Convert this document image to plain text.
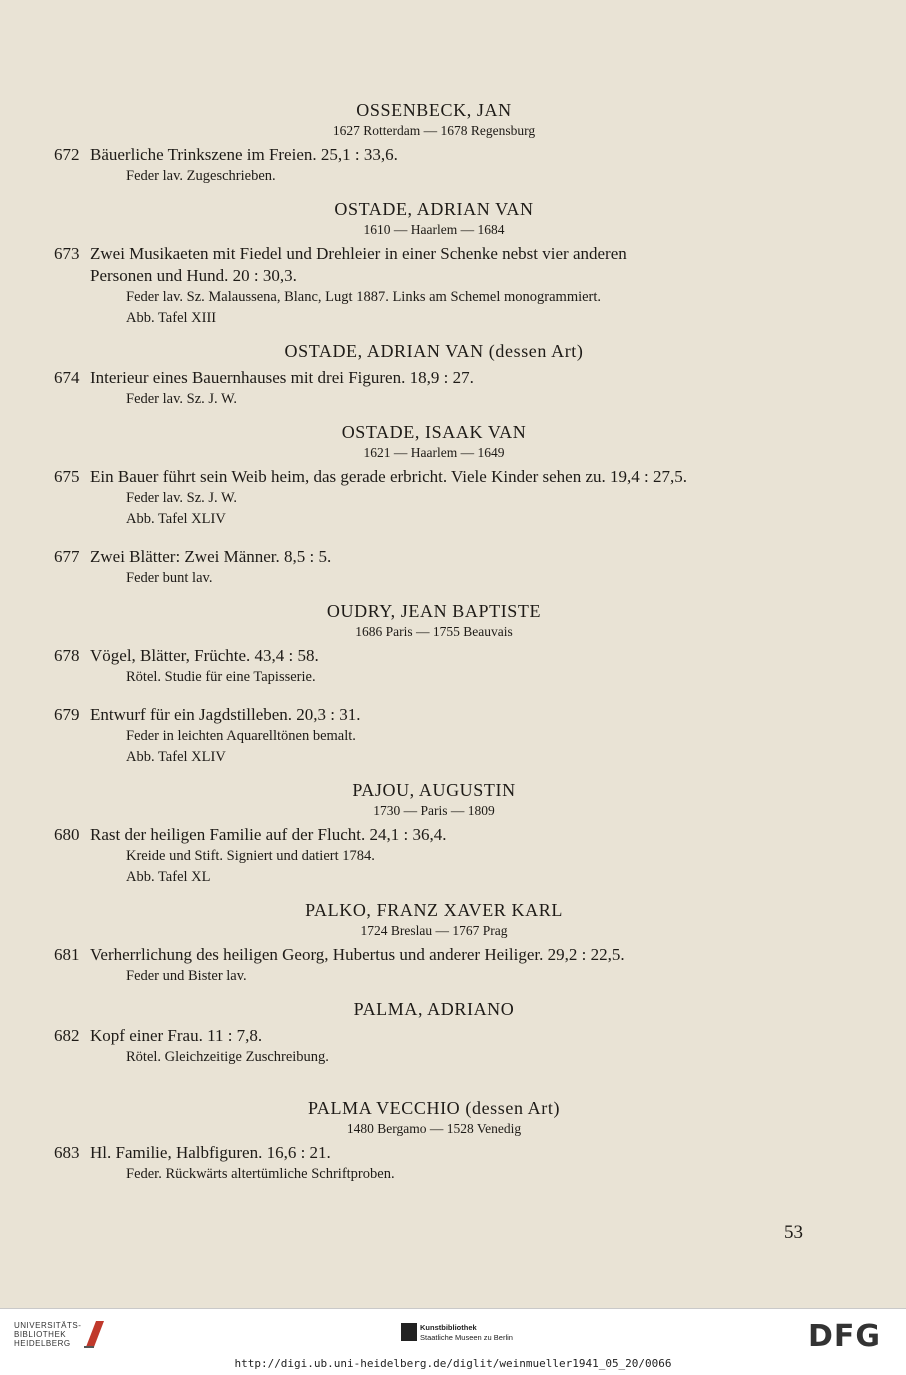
OSSENBECK, JAN
1627 Rotterdam — 1678 Regensburg
672 Bäuerliche Trinkszene im Freien. 25,1 : 33,6.
Feder lav. Zugeschrieben.
OSTADE, ADRIAN VAN
1610 — Haarlem — 1684
673 Zwei Musikaeten mit Fiedel und Drehleier in einer Schenke nebst vier anderen
Personen und Hund. 20 : 30,3.
Feder lav. Sz. Malaussena, Blanc, Lugt 1887. Links am Schemel monogrammiert.
Abb. Tafel XIII
OSTADE, ADRIAN VAN (dessen Art)
674 Interieur eines Bauernhauses mit drei Figuren. 18,9 : 27.
Feder lav. Sz. J. W.
OSTADE, ISAAK VAN
1621 — Haarlem — 1649
675 Ein Bauer führt sein Weib heim, das gerade erbricht. Viele Kinder sehen zu. 19,4 : 27,5.
Feder lav. Sz. J. W.
Abb. Tafel XLIV
677 Zwei Blätter: Zwei Männer. 8,5 : 5.
Feder bunt lav.
OUDRY, JEAN BAPTISTE
1686 Paris — 1755 Beauvais
678 Vögel, Blätter, Früchte. 43,4 : 58.
Rötel. Studie für eine Tapisserie.
679 Entwurf für ein Jagdstilleben. 20,3 : 31.
Feder in leichten Aquarelltönen bemalt.
Abb. Tafel XLIV
PAJOU, AUGUSTIN
1730 — Paris — 1809
680 Rast der heiligen Familie auf der Flucht. 24,1 : 36,4.
Kreide und Stift. Signiert und datiert 1784.
Abb. Tafel XL
PALKO, FRANZ XAVER KARL
1724 Breslau — 1767 Prag
681 Verherrlichung des heiligen Georg, Hubertus und anderer Heiliger. 29,2 : 22,5.
Feder und Bister lav.
PALMA, ADRIANO
682 Kopf einer Frau. 11 : 7,8.
Rötel. Gleichzeitige Zuschreibung.
PALMA VECCHIO (dessen Art)
1480 Bergamo — 1528 Venedig
683 Hl. Familie, Halbfiguren. 16,6 : 21.
Feder. Rückwärts altertümliche Schriftproben.
53
UNIVERSITÄTS-
BIBLIOTHEK
HEIDELBERG
Kunstbibliothek
Staatliche Museen zu Berlin	DFG
http://digi.ub.uni-heidelberg.de/diglit/weinmueller1941_05_20/0066
